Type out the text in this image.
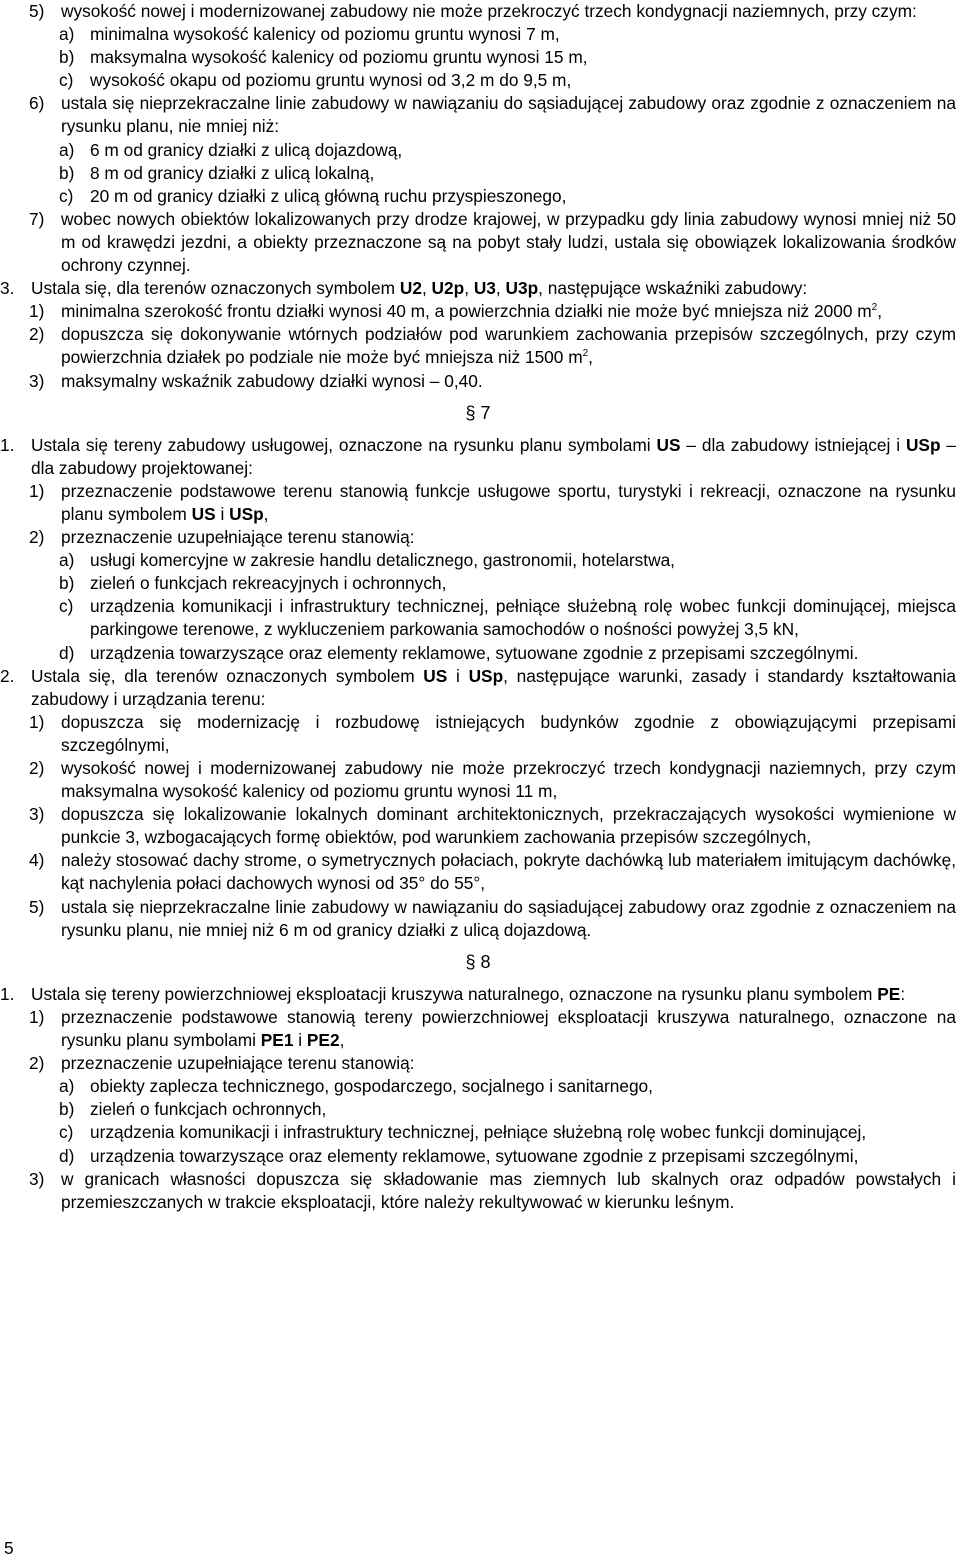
5) wysokość nowej i modernizowanej zabudowy nie może przekroczyć trzech kondygnacji naziemnych, przy czym:
a) minimalna wysokość kalenicy od poziomu gruntu wynosi 7 m,
b) maksymalna wysokość kalenicy od poziomu gruntu wynosi 15 m,
c) wysokość okapu od poziomu gruntu wynosi od 3,2 m do 9,5 m,
6) ustala się nieprzekraczalne linie zabudowy w nawiązaniu do sąsiadującej zabudowy oraz zgodnie z oznaczeniem na rysunku planu, nie mniej niż:
a) 6 m od granicy działki z ulicą dojazdową,
b) 8 m od granicy działki z ulicą lokalną,
c) 20 m od granicy działki z ulicą główną ruchu przyspieszonego,
7) wobec nowych obiektów lokalizowanych przy drodze krajowej, w przypadku gdy linia zabudowy wynosi mniej niż 50 m od krawędzi jezdni, a obiekty przeznaczone są na pobyt stały ludzi, ustala się obowiązek lokalizowania środków ochrony czynnej.
3. Ustala się, dla terenów oznaczonych symbolem U2, U2p, U3, U3p, następujące wskaźniki zabudowy:
1) minimalna szerokość frontu działki wynosi 40 m, a powierzchnia działki nie może być mniejsza niż 2000 $m^2$,
2) dopuszcza się dokonywanie wtórnych podziałów pod warunkiem zachowania przepisów szczególnych, przy czym powierzchnia działek po podziale nie może być mniejsza niż 1500 $m^2$,
3) maksymalny wskaźnik zabudowy działki wynosi – 0,40.
§ 7
1. Ustala się tereny zabudowy usługowej, oznaczone na rysunku planu symbolami US – dla zabudowy istniejącej i USp – dla zabudowy projektowanej:
1) przeznaczenie podstawowe terenu stanowią funkcje usługowe sportu, turystyki i rekreacji, oznaczone na rysunku planu symbolem US i USp,
2) przeznaczenie uzupełniające terenu stanowią:
a) usługi komercyjne w zakresie handlu detalicznego, gastronomii, hotelarstwa,
b) zieleń o funkcjach rekreacyjnych i ochronnych,
c) urządzenia komunikacji i infrastruktury technicznej, pełniące służebną rolę wobec funkcji dominującej, miejsca parkingowe terenowe, z wykluczeniem parkowania samochodów o nośności powyżej 3,5 kN,
d) urządzenia towarzyszące oraz elementy reklamowe, sytuowane zgodnie z przepisami szczególnymi.
2. Ustala się, dla terenów oznaczonych symbolem US i USp, następujące warunki, zasady i standardy kształtowania zabudowy i urządzania terenu:
1) dopuszcza się modernizację i rozbudowę istniejących budynków zgodnie z obowiązującymi przepisami szczególnymi,
2) wysokość nowej i modernizowanej zabudowy nie może przekroczyć trzech kondygnacji naziemnych, przy czym maksymalna wysokość kalenicy od poziomu gruntu wynosi 11 m,
3) dopuszcza się lokalizowanie lokalnych dominant architektonicznych, przekraczających wysokości wymienione w punkcie 3, wzbogacających formę obiektów, pod warunkiem zachowania przepisów szczególnych,
4) należy stosować dachy strome, o symetrycznych połaciach, pokryte dachówką lub materiałem imitującym dachówkę, kąt nachylenia połaci dachowych wynosi od 35° do 55°,
5) ustala się nieprzekraczalne linie zabudowy w nawiązaniu do sąsiadującej zabudowy oraz zgodnie z oznaczeniem na rysunku planu, nie mniej niż 6 m od granicy działki z ulicą dojazdową.
§ 8
1. Ustala się tereny powierzchniowej eksploatacji kruszywa naturalnego, oznaczone na rysunku planu symbolem PE:
1) przeznaczenie podstawowe stanowią tereny powierzchniowej eksploatacji kruszywa naturalnego, oznaczone na rysunku planu symbolami PE1 i PE2,
2) przeznaczenie uzupełniające terenu stanowią:
a) obiekty zaplecza technicznego, gospodarczego, socjalnego i sanitarnego,
b) zieleń o funkcjach ochronnych,
c) urządzenia komunikacji i infrastruktury technicznej, pełniące służebną rolę wobec funkcji dominującej,
d) urządzenia towarzyszące oraz elementy reklamowe, sytuowane zgodnie z przepisami szczególnymi,
3) w granicach własności dopuszcza się składowanie mas ziemnych lub skalnych oraz odpadów powstałych i przemieszczanych w trakcie eksploatacji, które należy rekultywować w kierunku leśnym.
5
